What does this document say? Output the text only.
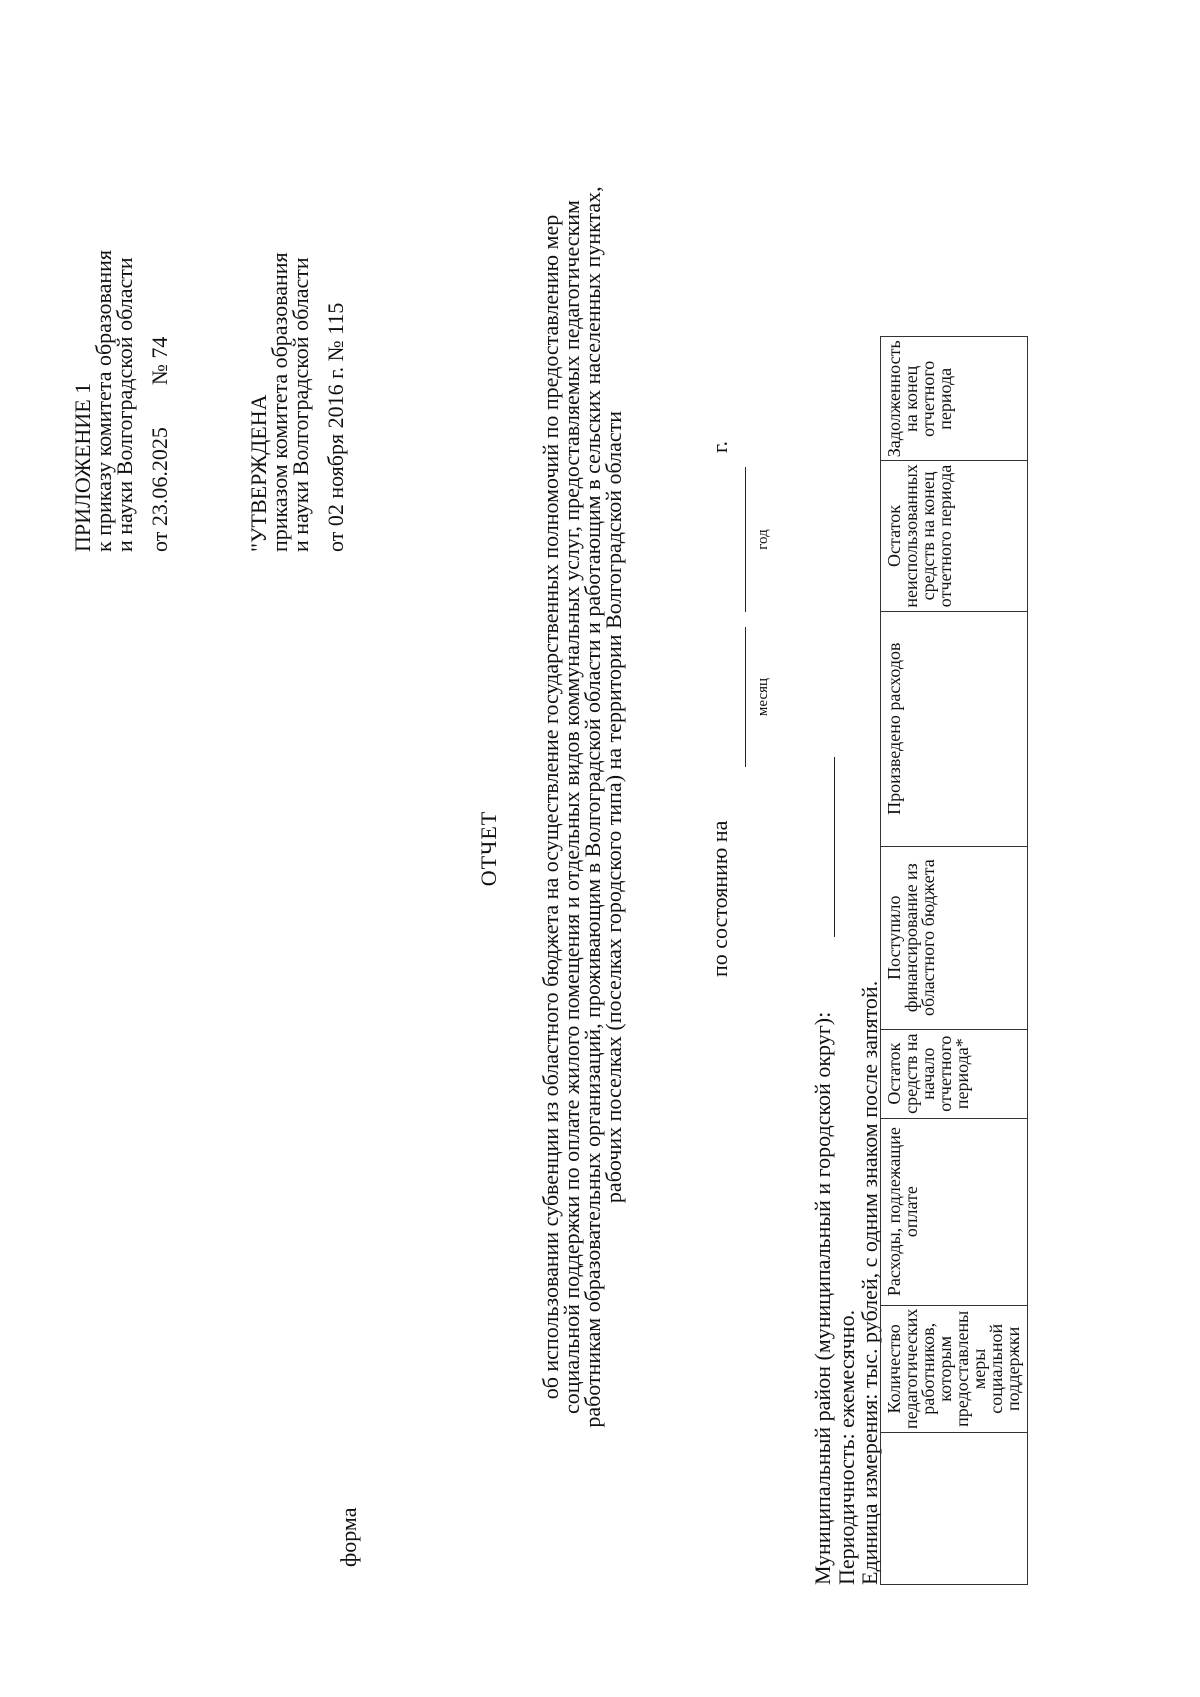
ПРИЛОЖЕНИЕ 1
к приказу комитета образования
и науки Волгоградской области от 23.06.2025№ 74
"УТВЕРЖДЕНА
приказом комитета образования
и науки Волгоградской области от 02 ноября 2016 г. № 115
форма
ОТЧЕТ об использовании субвенции из областного бюджета на осуществление государственных полномочий по предоставлению мер
социальной поддержки по оплате жилого помещения и отдельных видов коммунальных услуг, предоставляемых педагогическим
работникам образовательных организаций, проживающим в Волгоградской области и работающим в сельских населенных пунктах,
рабочих поселках (поселках городского типа) на территории Волгоградской области	по состоянию на
месяц
год
г.
Муниципальный район (муниципальный и городской округ): Периодичность: ежемесячно.
Единица измерения: тыс. рублей, с одним знаком после запятой.
	Количество педагогических работников, которым предоставлены меры социальной поддержки	Расходы, подлежащие оплате	Остаток средств на начало отчетного периода*	Поступило финансирование из областного бюджета	Произведено расходов	Остаток неиспользованных средств на конец отчетного периода	Задолженность на конец отчетного периода
